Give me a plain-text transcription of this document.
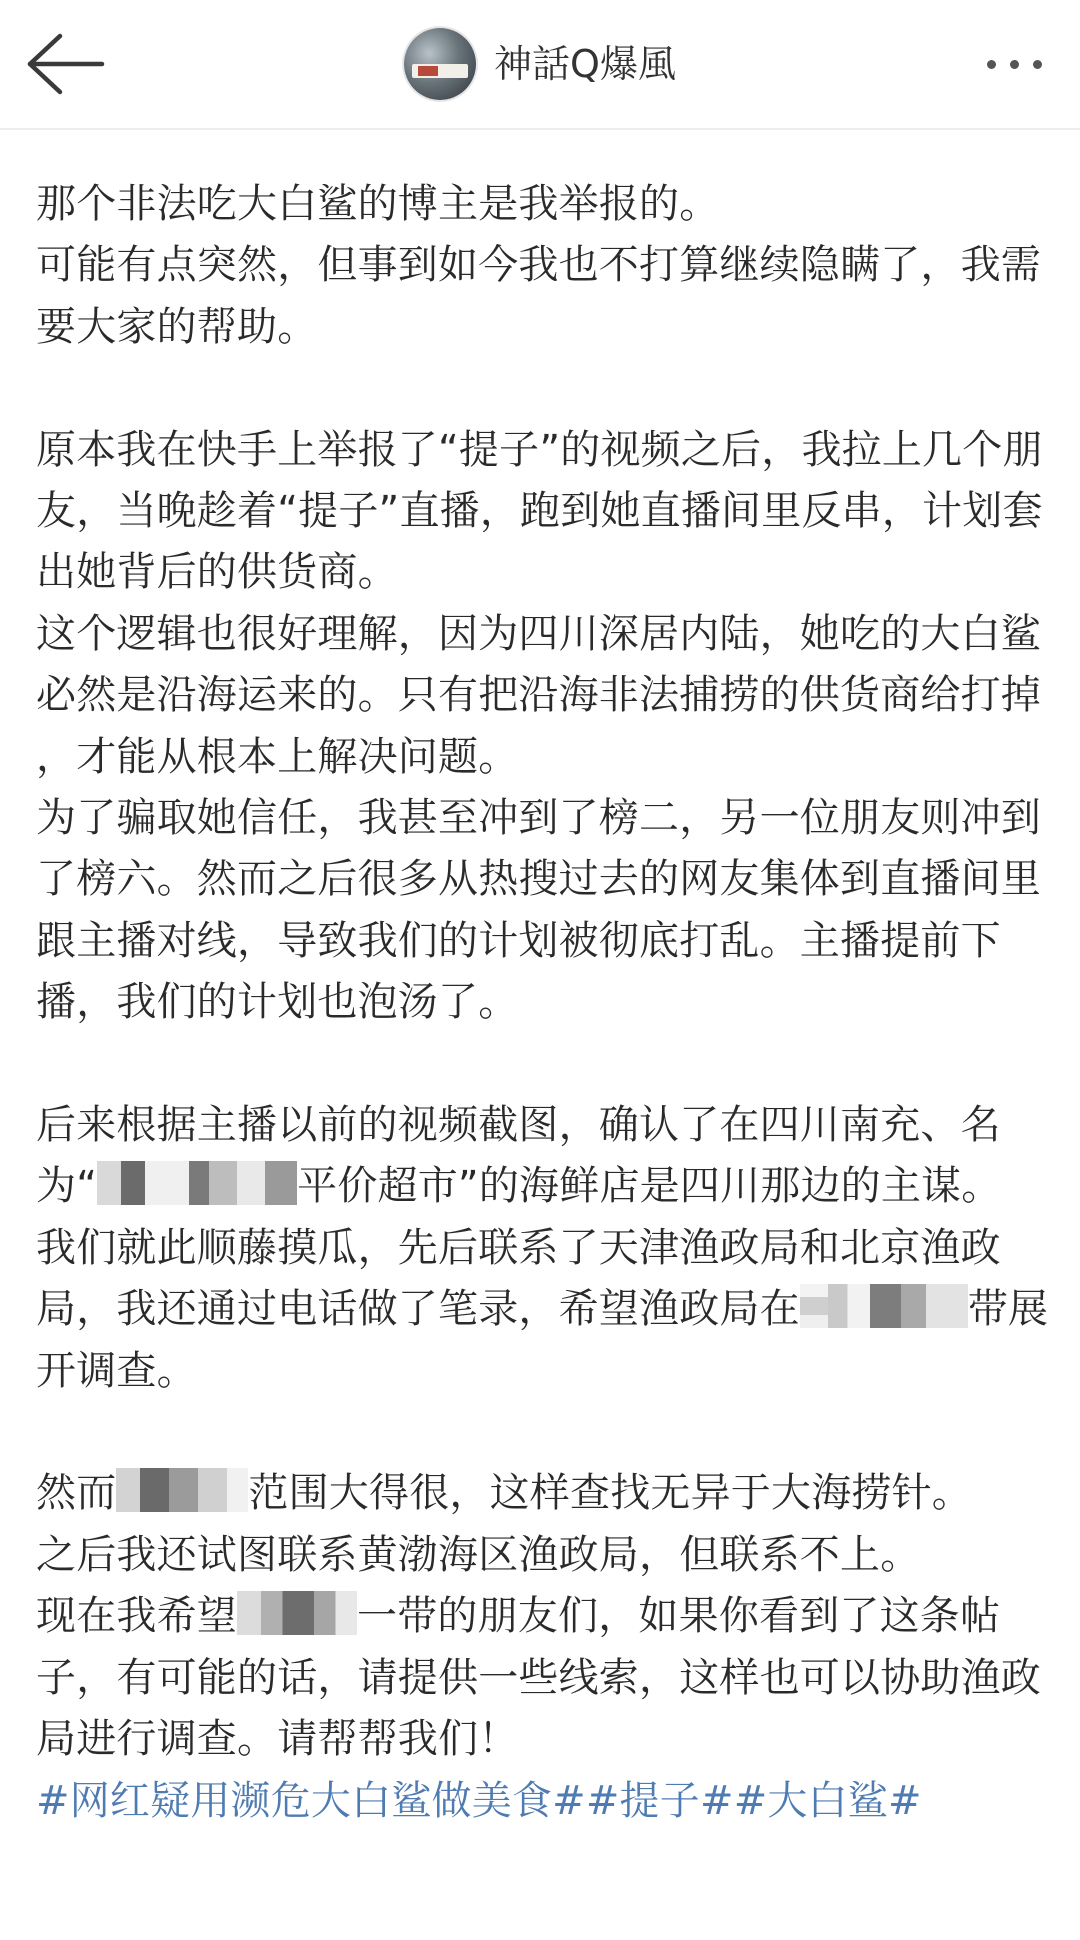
神話Q爆風

那个非法吃大白鲨的博主是我举报的。

可能有点突然，但事到如今我也不打算继续隐瞒了，我需要大家的帮助。

原本我在快手上举报了“提子”的视频之后，我拉上几个朋友，当晚趁着“提子”直播，跑到她直播间里反串，计划套出她背后的供货商。

这个逻辑也很好理解，因为四川深居内陆，她吃的大白鲨必然是沿海运来的。只有把沿海非法捕捞的供货商给打掉 ，才能从根本上解决问题。

为了骗取她信任，我甚至冲到了榜二，另一位朋友则冲到了榜六。然而之后很多从热搜过去的网友集体到直播间里跟主播对线，导致我们的计划被彻底打乱。主播提前下播，我们的计划也泡汤了。

后来根据主播以前的视频截图，确认了在四川南充、名为“	平价超市”的海鲜店是四川那边的主谋。

我们就此顺藤摸瓜，先后联系了天津渔政局和北京渔政局，我还通过电话做了笔录，希望渔政局在	带展开调查。

然而	范围大得很，这样查找无异于大海捞针。

之后我还试图联系黄渤海区渔政局，但联系不上。

现在我希望	一带的朋友们，如果你看到了这条帖子，有可能的话，请提供一些线索，这样也可以协助渔政局进行调查。请帮帮我们！

#网红疑用濒危大白鲨做美食##提子##大白鲨#
